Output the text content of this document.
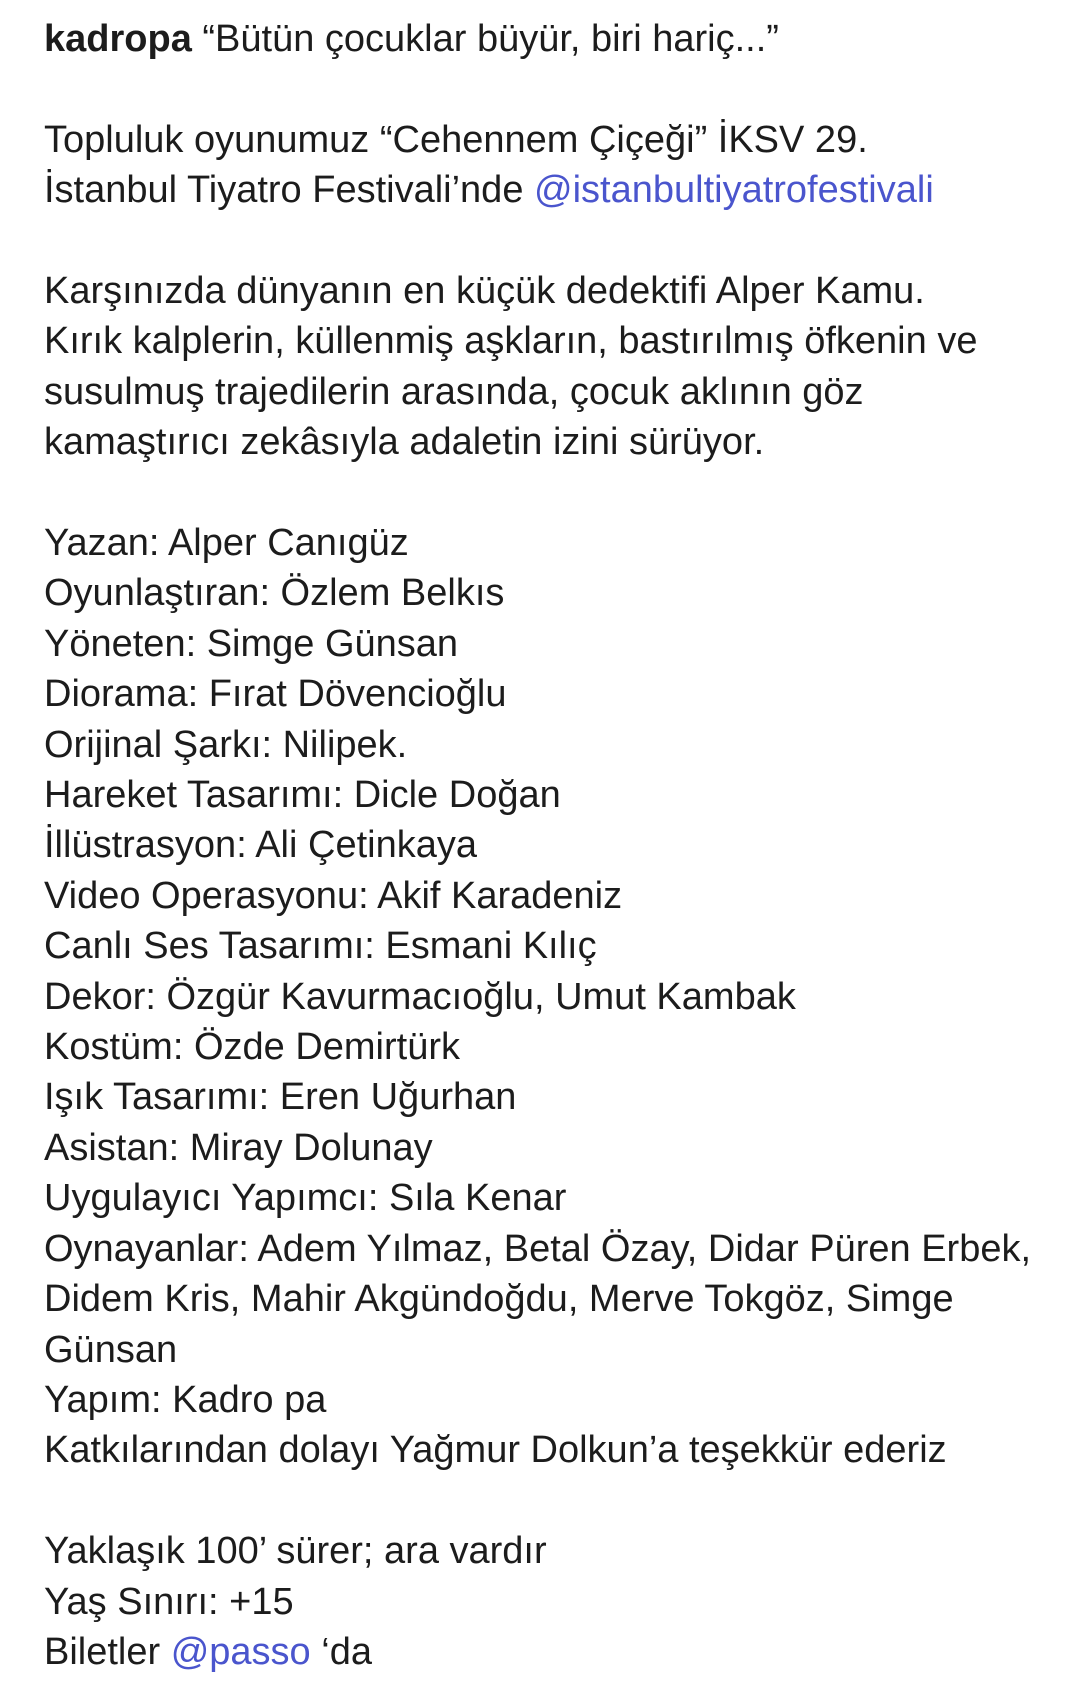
kadropa “Bütün çocuklar büyür, biri hariç...”
Topluluk oyunumuz “Cehennem Çiçeği” İKSV 29.
İstanbul Tiyatro Festivali’nde @istanbultiyatrofestivali
Karşınızda dünyanın en küçük dedektifi Alper Kamu.
Kırık kalplerin, küllenmiş aşkların, bastırılmış öfkenin ve
susulmuş trajedilerin arasında, çocuk aklının göz
kamaştırıcı zekâsıyla adaletin izini sürüyor.
Yazan: Alper Canıgüz
Oyunlaştıran: Özlem Belkıs
Yöneten: Simge Günsan
Diorama: Fırat Dövencioğlu
Orijinal Şarkı: Nilipek.
Hareket Tasarımı: Dicle Doğan
İllüstrasyon: Ali Çetinkaya
Video Operasyonu: Akif Karadeniz
Canlı Ses Tasarımı: Esmani Kılıç
Dekor: Özgür Kavurmacıoğlu, Umut Kambak
Kostüm: Özde Demirtürk
Işık Tasarımı: Eren Uğurhan
Asistan: Miray Dolunay
Uygulayıcı Yapımcı: Sıla Kenar
Oynayanlar: Adem Yılmaz, Betal Özay, Didar Püren Erbek,
Didem Kris, Mahir Akgündoğdu, Merve Tokgöz, Simge
Günsan
Yapım: Kadro pa
Katkılarından dolayı Yağmur Dolkun’a teşekkür ederiz
Yaklaşık 100’ sürer; ara vardır
Yaş Sınırı: +15
Biletler @passo ‘da
